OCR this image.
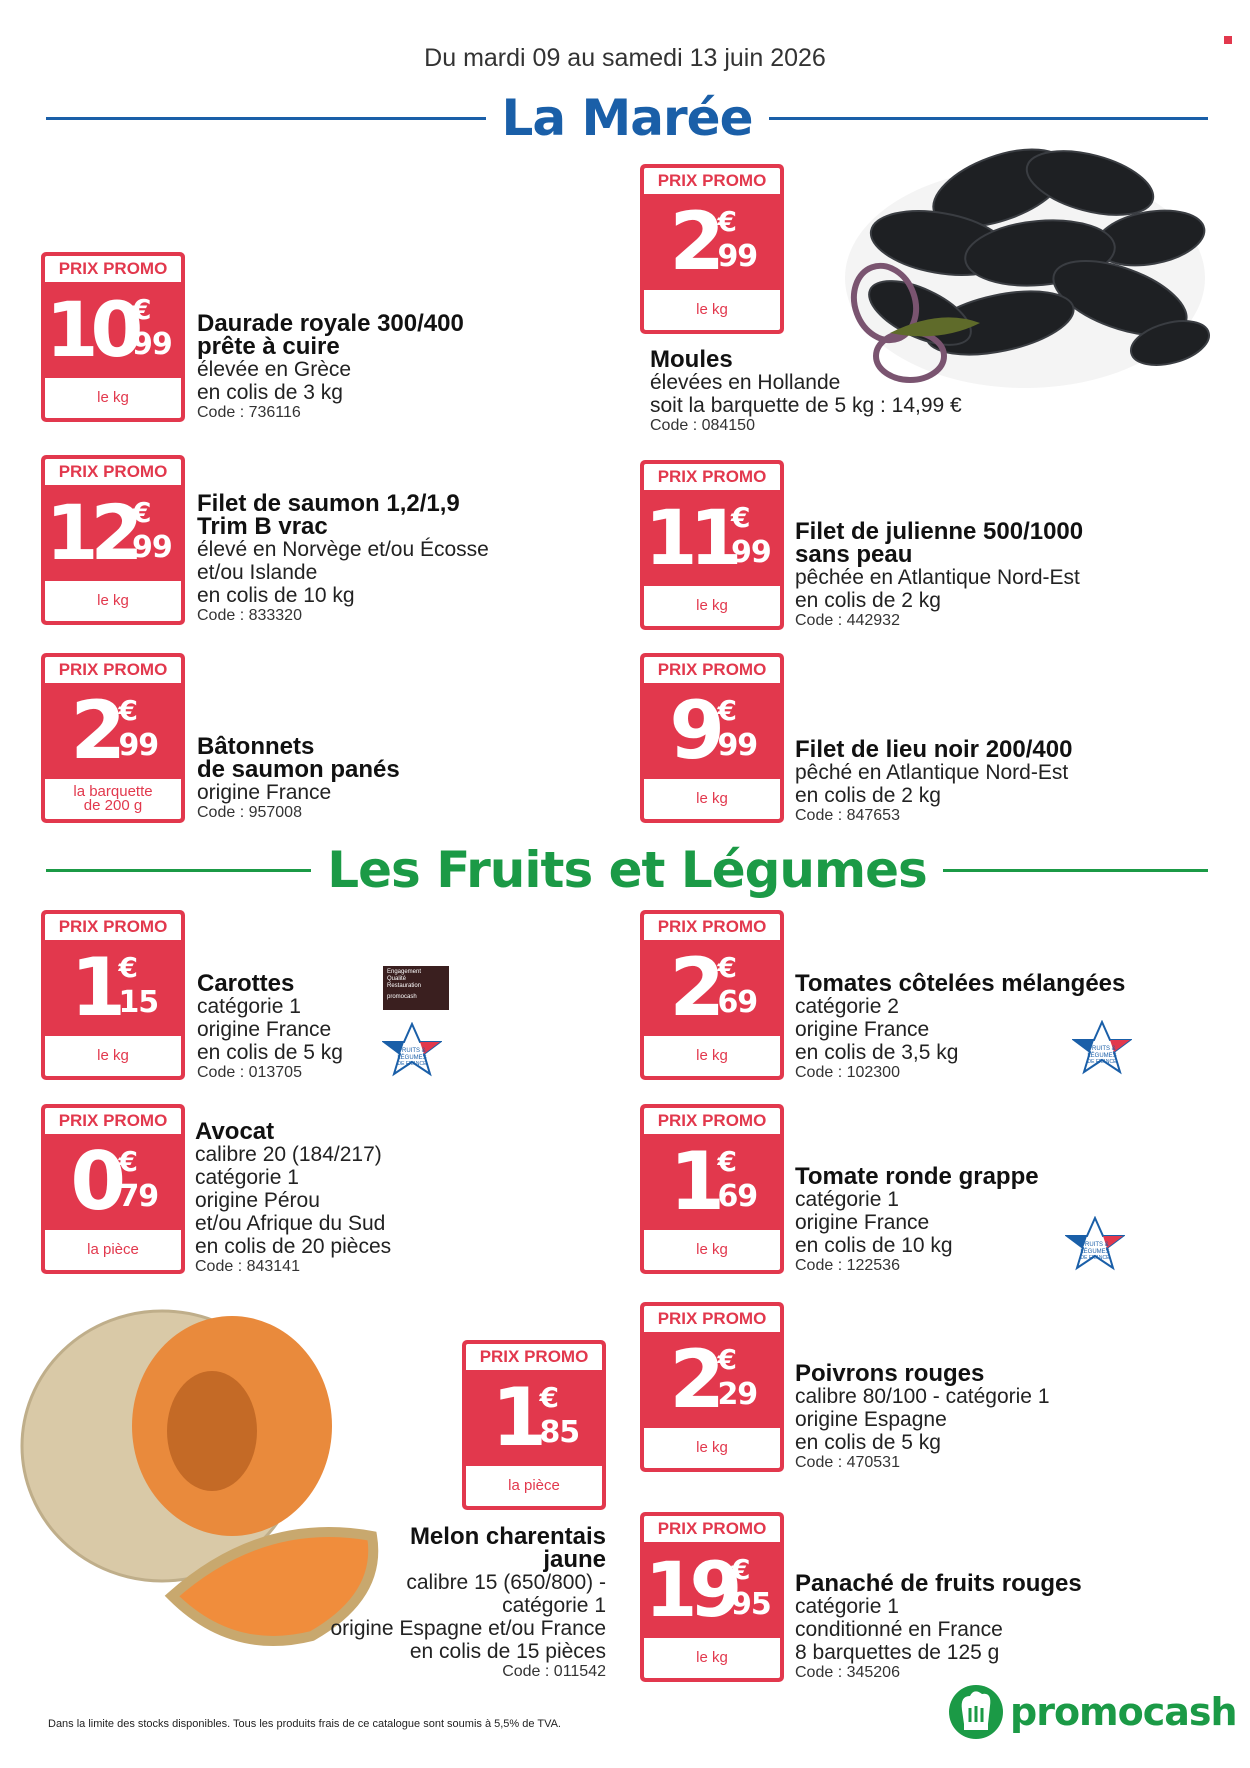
Du mardi 09 au samedi 13 juin 2026
La Marée
PRIX PROMO
10
€
99
le kg
Daurade royale 300/400
prête à cuire
élevée en Grèce
en colis de 3 kg
Code : 736116
PRIX PROMO
2 €
99
le kg
Moules
élevées en Hollande
soit la barquette de 5 kg : 14,99 €
Code : 084150
PRIX PROMO
12
€
99
le kg
Filet de saumon 1,2/1,9
Trim B vrac
élevé en Norvège et/ou Écosse
et/ou Islande
en colis de 10 kg
Code : 833320
PRIX PROMO
11
€
99
le kg
Filet de julienne 500/1000
sans peau
pêchée en Atlantique Nord-Est
en colis de 2 kg
Code : 442932
PRIX PROMO
2 €
99
la barquette de 200 g
Bâtonnets
de saumon panés
origine France
Code : 957008
PRIX PROMO
9 €
99
le kg
Filet de lieu noir 200/400
pêché en Atlantique Nord-Est
en colis de 2 kg
Code : 847653
Les Fruits et Légumes
PRIX PROMO
1 €
15
le kg
Carottes
catégorie 1
origine France
en colis de 5 kg
Code : 013705
Engagement
Qualité
Restauration
promocash
FRUITS &
LÉGUMES
DE FRANCE
PRIX PROMO
2 €
69
le kg
Tomates côtelées mélangées
catégorie 2
origine France
en colis de 3,5 kg
Code : 102300
FRUITS &
LÉGUMES
DE FRANCE
PRIX PROMO
0 €
79
la pièce
Avocat
calibre 20 (184/217)
catégorie 1
origine Pérou
et/ou Afrique du Sud
en colis de 20 pièces
Code : 843141
PRIX PROMO
1 €
69
le kg
Tomate ronde grappe
catégorie 1
origine France
en colis de 10 kg
Code : 122536
FRUITS &
LÉGUMES
DE FRANCE
PRIX PROMO
1 €
85
la pièce
Melon charentais
jaune
calibre 15 (650/800) -
catégorie 1
origine Espagne et/ou France
en colis de 15 pièces
Code : 011542
PRIX PROMO
2 €
29
le kg
Poivrons rouges
calibre 80/100 - catégorie 1
origine Espagne
en colis de 5 kg
Code : 470531
PRIX PROMO
19
€
95
le kg
Panaché de fruits rouges
catégorie 1
conditionné en France
8 barquettes de 125 g
Code : 345206
Dans la limite des stocks disponibles. Tous les produits frais de ce catalogue sont soumis à 5,5% de TVA.	promocash
